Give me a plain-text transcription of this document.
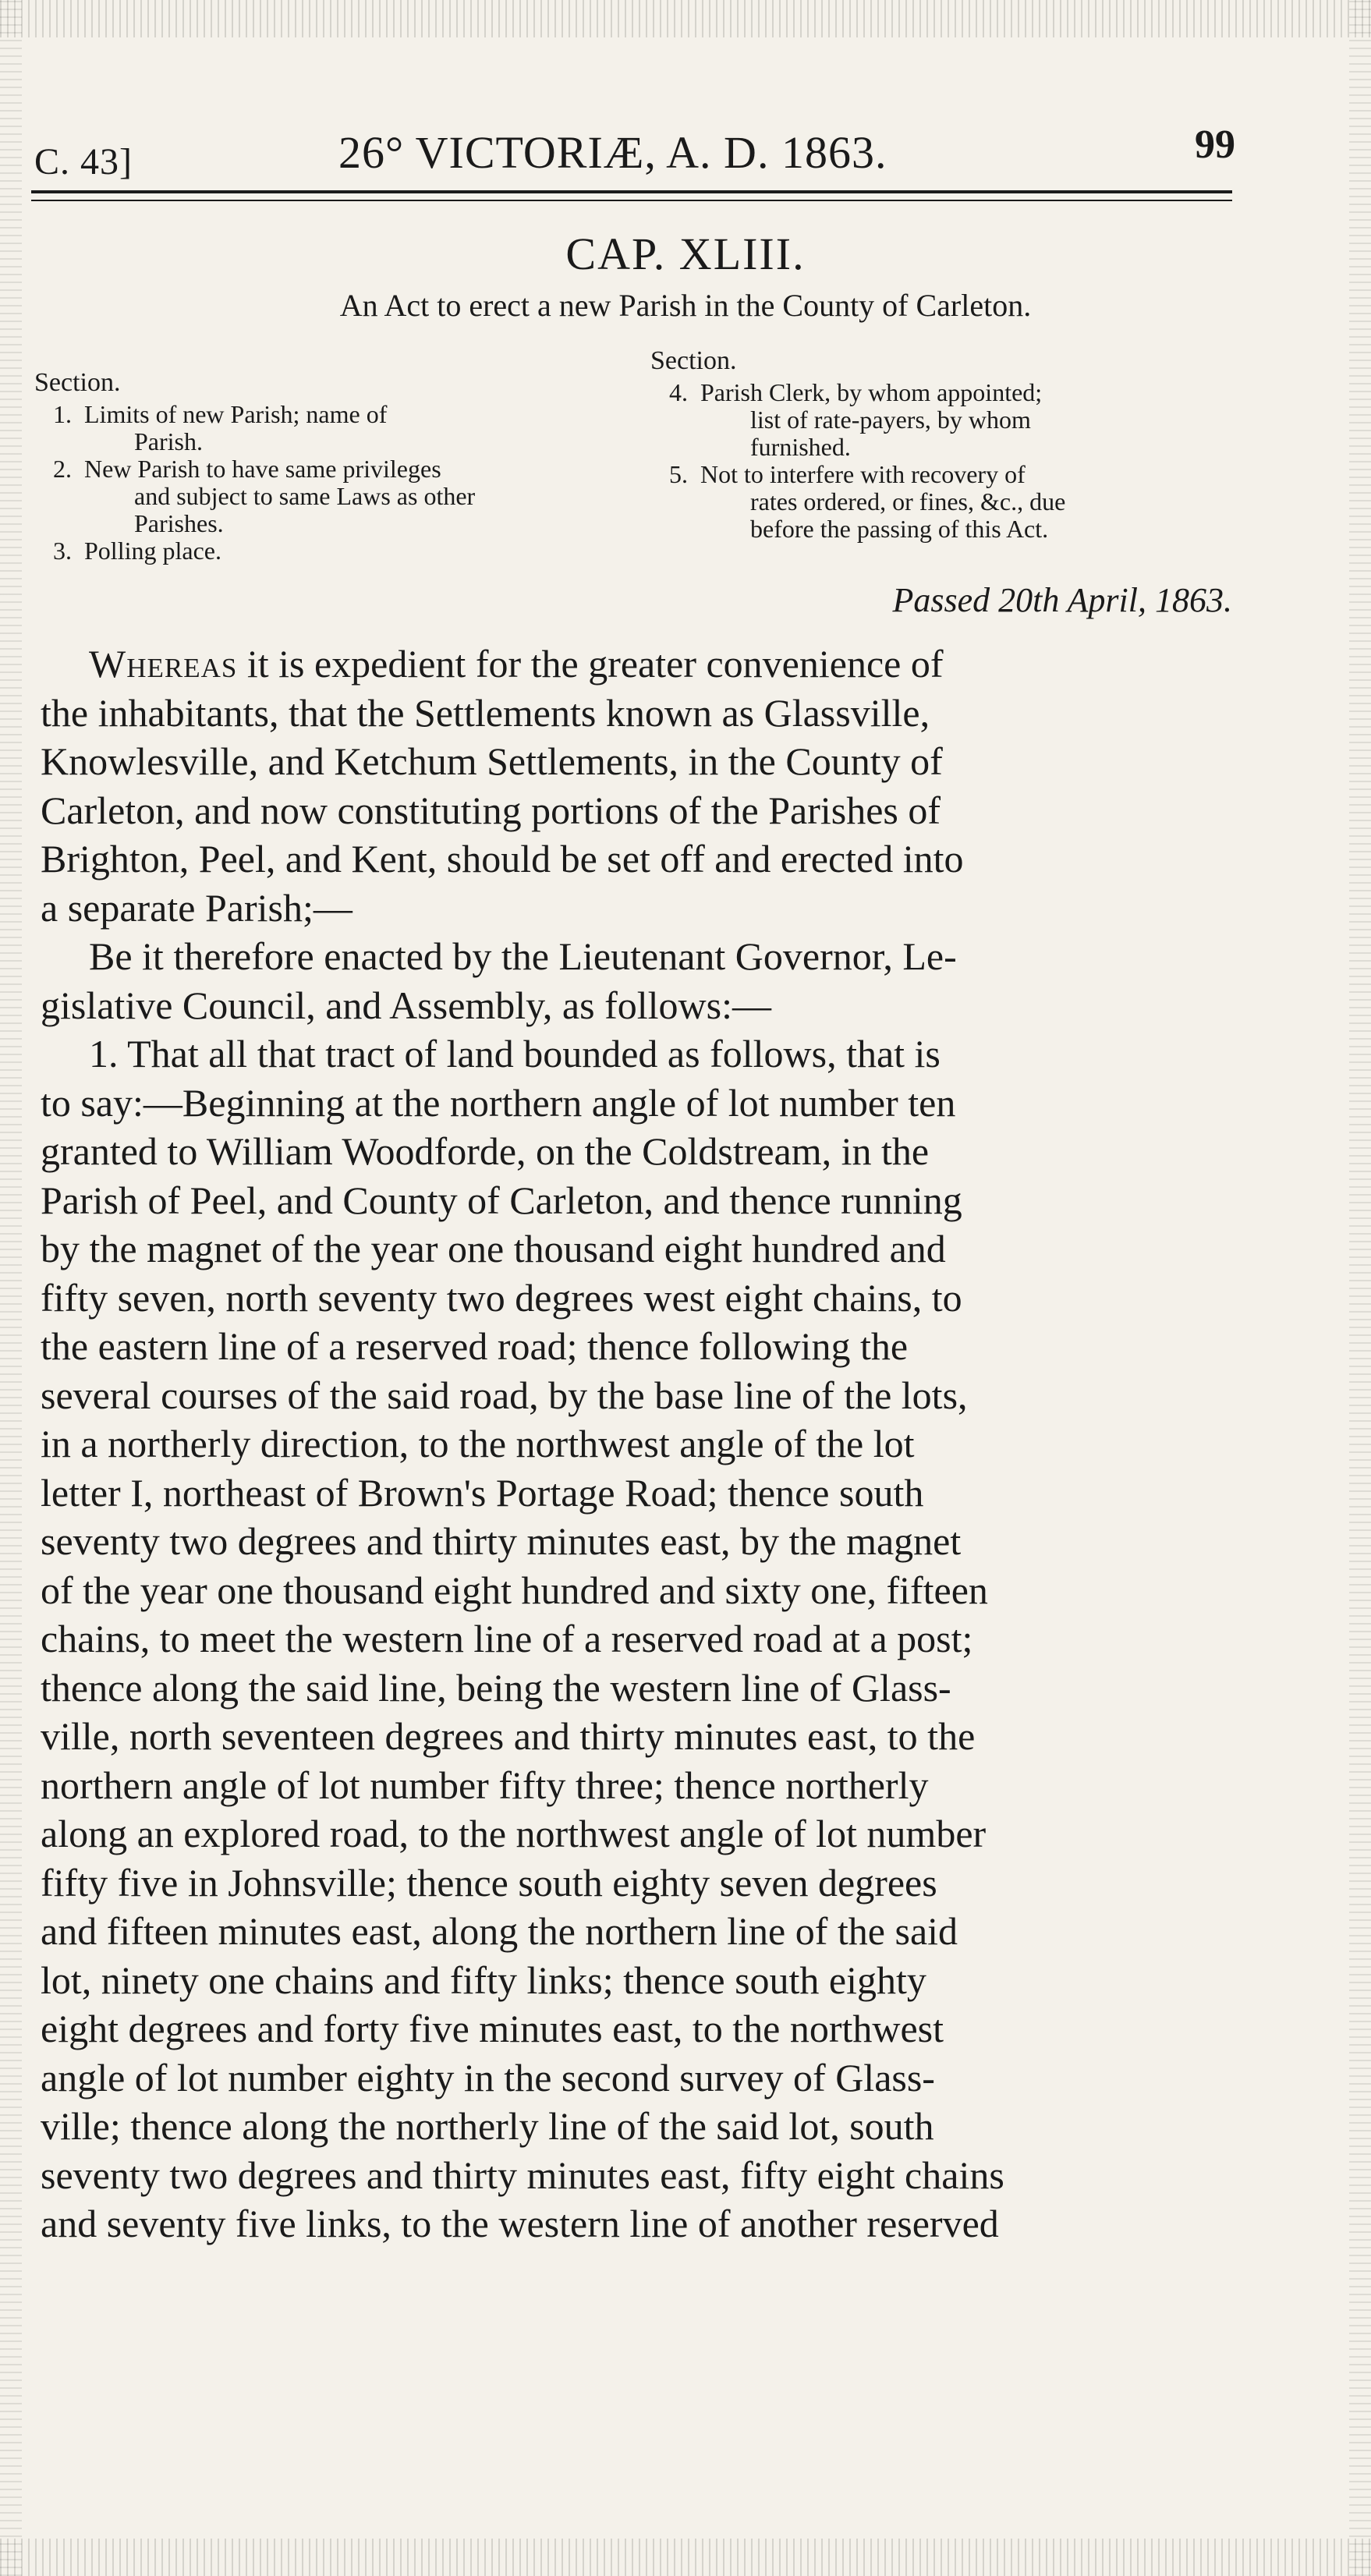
C. 43]	26° VICTORIÆ, A. D. 1863.	99
CAP. XLIII.
An Act to erect a new Parish in the County of Carleton.
Section.
1. Limits of new Parish; name of
Parish.
2. New Parish to have same privileges
and subject to same Laws as other
Parishes.
3. Polling place.
Section.
4. Parish Clerk, by whom appointed;
list of rate-payers, by whom
furnished.
5. Not to interfere with recovery of
rates ordered, or fines, &c., due
before the passing of this Act.
Passed 20th April, 1863.
Whereas it is expedient for the greater convenience of
the inhabitants, that the Settlements known as Glassville,
Knowlesville, and Ketchum Settlements, in the County of
Carleton, and now constituting portions of the Parishes of
Brighton, Peel, and Kent, should be set off and erected into
a separate Parish;—
Be it therefore enacted by the Lieutenant Governor, Le-
gislative Council, and Assembly, as follows:—
1. That all that tract of land bounded as follows, that is
to say:—Beginning at the northern angle of lot number ten
granted to William Woodforde, on the Coldstream, in the
Parish of Peel, and County of Carleton, and thence running
by the magnet of the year one thousand eight hundred and
fifty seven, north seventy two degrees west eight chains, to
the eastern line of a reserved road; thence following the
several courses of the said road, by the base line of the lots,
in a northerly direction, to the northwest angle of the lot
letter I, northeast of Brown's Portage Road; thence south
seventy two degrees and thirty minutes east, by the magnet
of the year one thousand eight hundred and sixty one, fifteen
chains, to meet the western line of a reserved road at a post;
thence along the said line, being the western line of Glass-
ville, north seventeen degrees and thirty minutes east, to the
northern angle of lot number fifty three; thence northerly
along an explored road, to the northwest angle of lot number
fifty five in Johnsville; thence south eighty seven degrees
and fifteen minutes east, along the northern line of the said
lot, ninety one chains and fifty links; thence south eighty
eight degrees and forty five minutes east, to the northwest
angle of lot number eighty in the second survey of Glass-
ville; thence along the northerly line of the said lot, south
seventy two degrees and thirty minutes east, fifty eight chains
and seventy five links, to the western line of another reserved
